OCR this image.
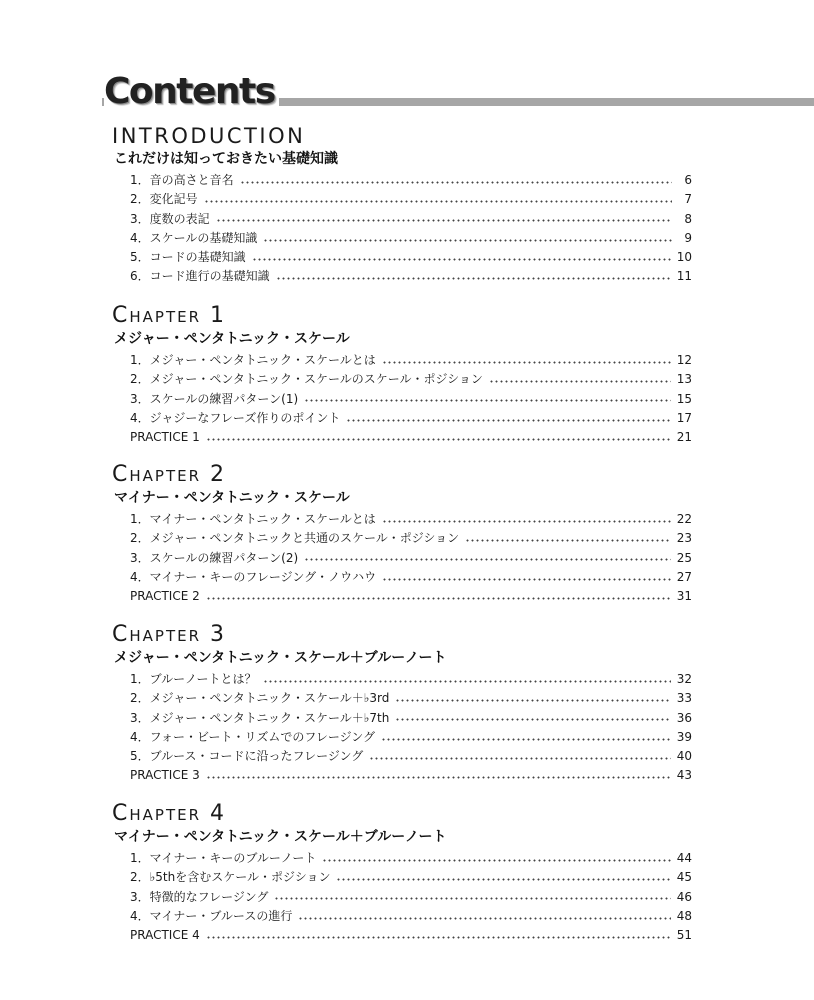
Contents
INTRODUCTION
これだけは知っておきたい基礎知識
1．音の高さと音名	6
2．変化記号	7
3．度数の表記	8
4．スケールの基礎知識	9
5．コードの基礎知識	10
6．コード進行の基礎知識	11
Chapter 1
メジャー・ペンタトニック・スケール
1．メジャー・ペンタトニック・スケールとは	12
2．メジャー・ペンタトニック・スケールのスケール・ポジション	13
3．スケールの練習パターン(1)	15
4．ジャジーなフレーズ作りのポイント	17
PRACTICE 1	21
Chapter 2
マイナー・ペンタトニック・スケール
1．マイナー・ペンタトニック・スケールとは	22
2．メジャー・ペンタトニックと共通のスケール・ポジション	23
3．スケールの練習パターン(2)	25
4．マイナー・キーのフレージング・ノウハウ	27
PRACTICE 2	31
Chapter 3
メジャー・ペンタトニック・スケール＋ブルーノート
1．ブルーノートとは？	32
2．メジャー・ペンタトニック・スケール＋♭3rd	33
3．メジャー・ペンタトニック・スケール＋♭7th	36
4．フォー・ビート・リズムでのフレージング	39
5．ブルース・コードに沿ったフレージング	40
PRACTICE 3	43
Chapter 4
マイナー・ペンタトニック・スケール＋ブルーノート
1．マイナー・キーのブルーノート	44
2．♭5thを含むスケール・ポジション	45
3．特徴的なフレージング	46
4．マイナー・ブルースの進行	48
PRACTICE 4	51
